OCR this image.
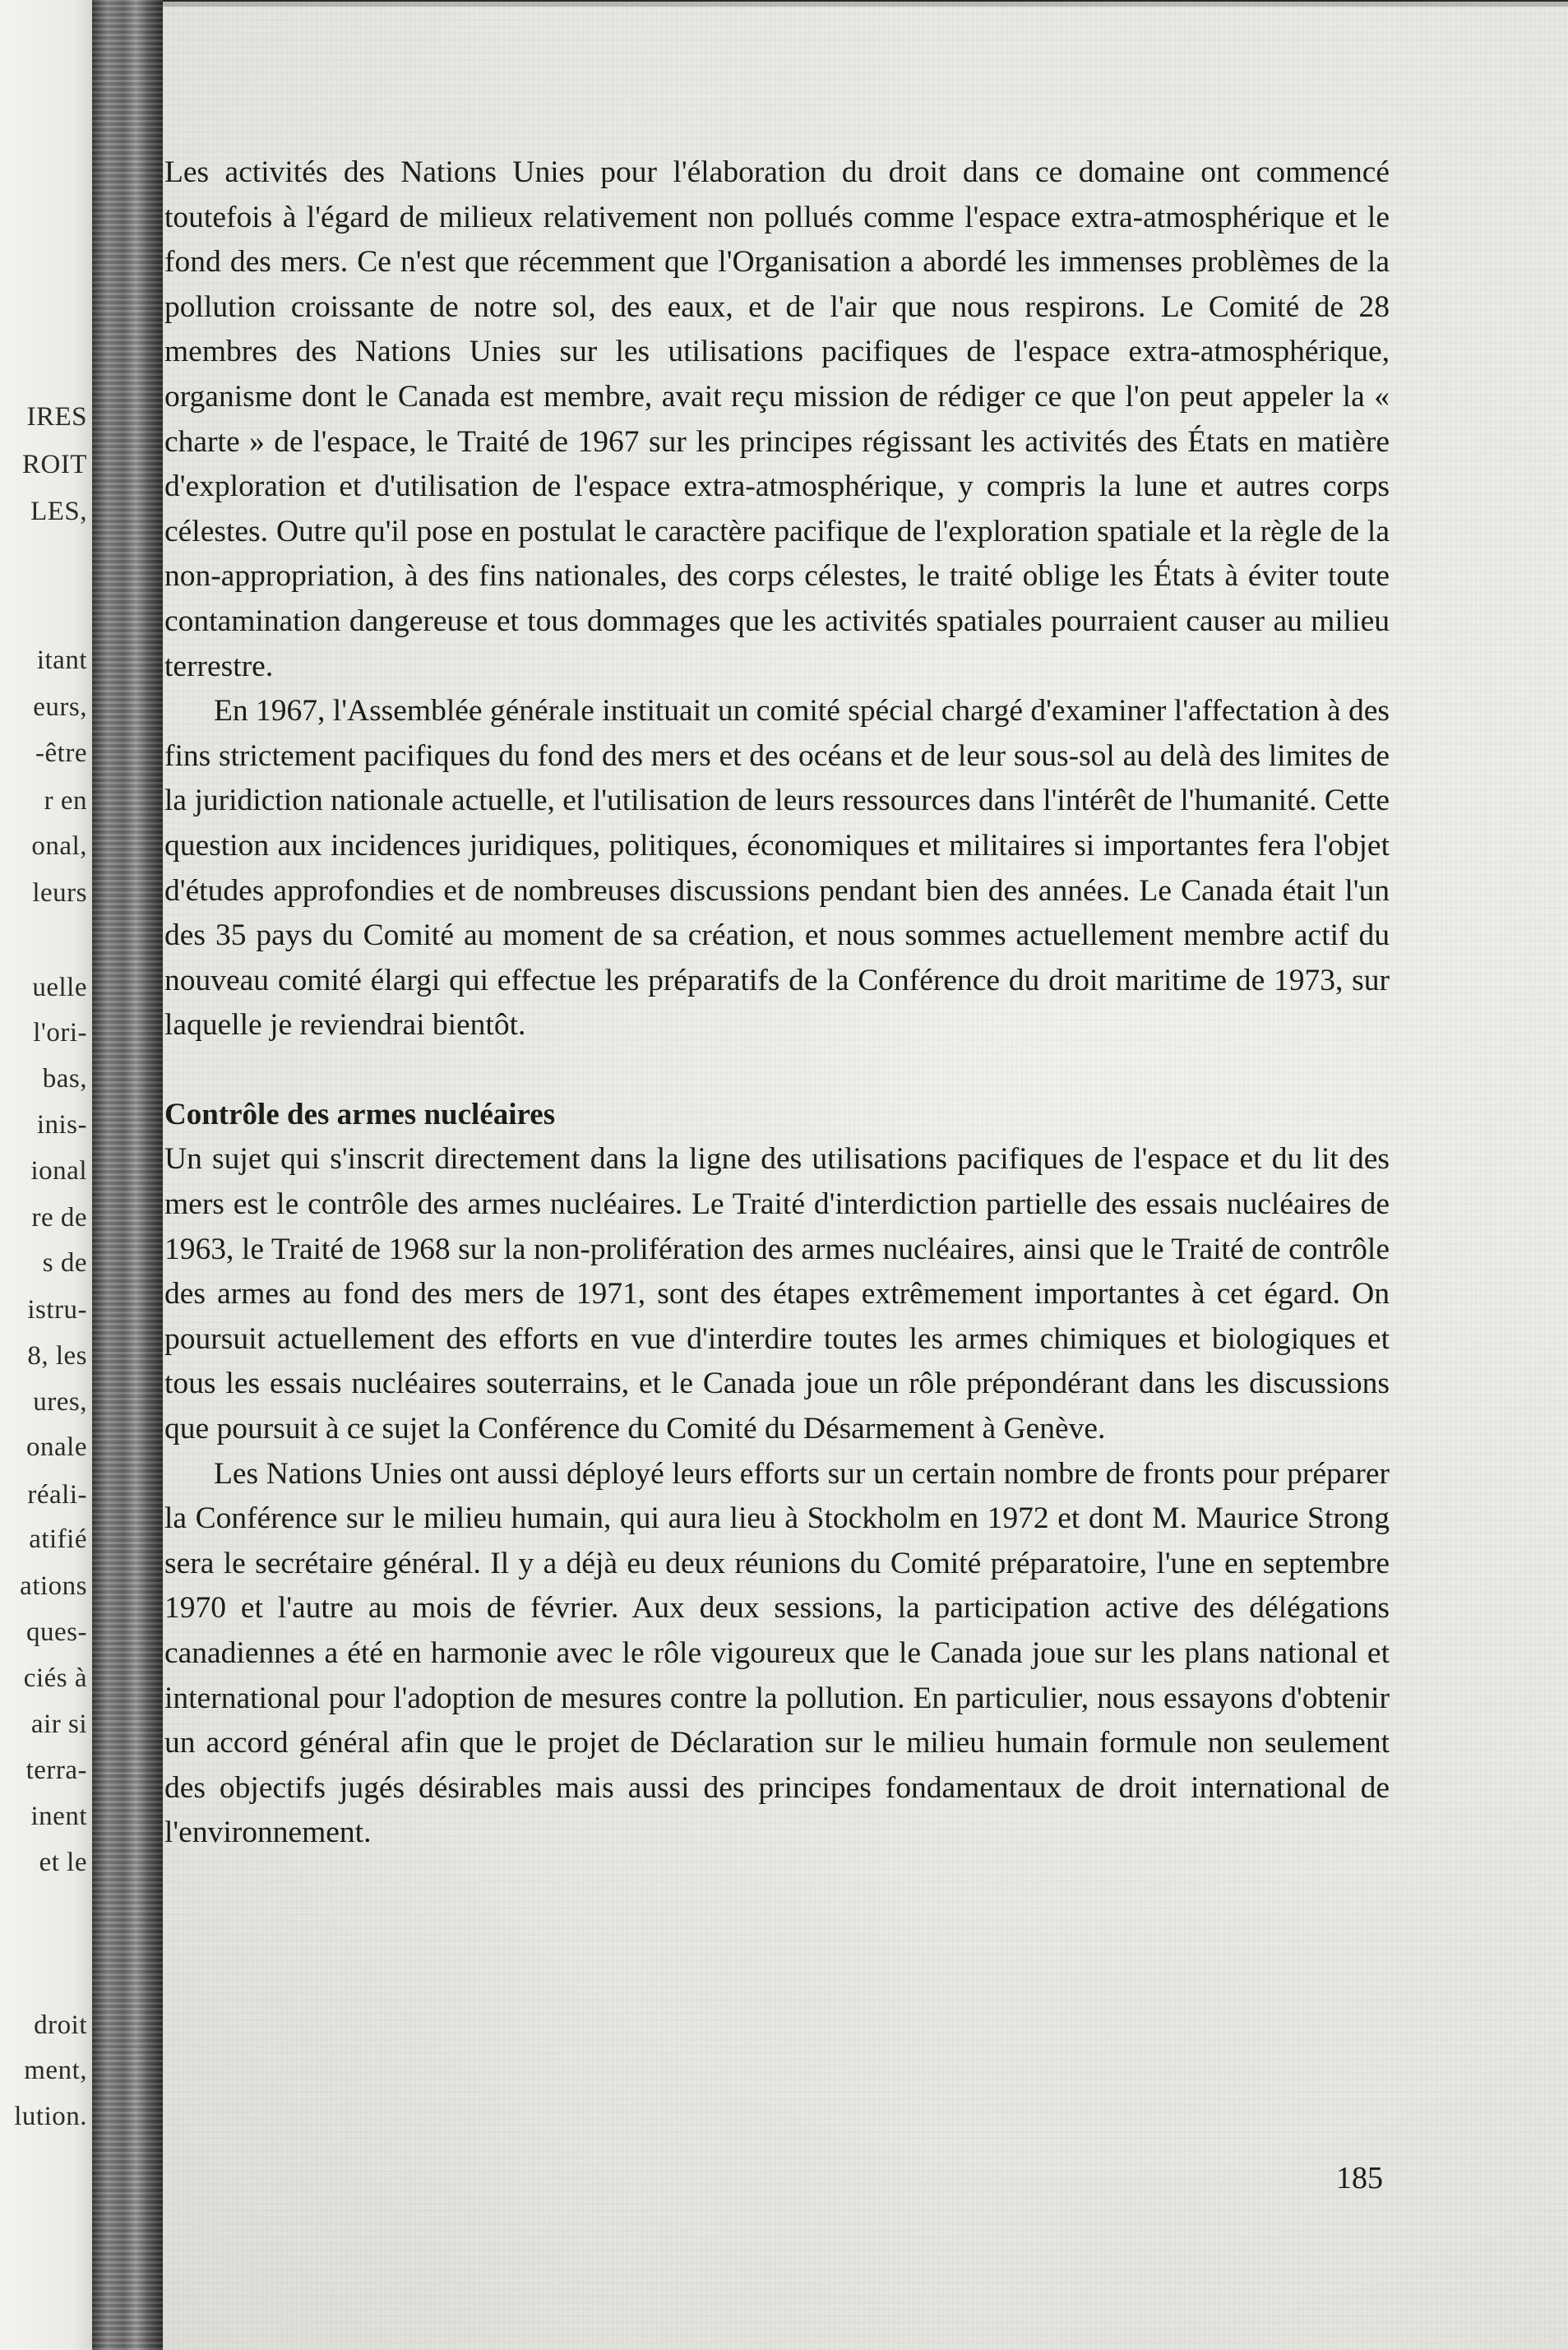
IRES

ROIT

LES,

itant

eurs,

-être

r en

onal,

leurs

uelle

l'ori-

bas,

inis-

ional

re de

s de

istru-

8, les

ures,

onale

réali-

atifié

ations

ques-

ciés à

air si

terra-

inent

et le

droit

ment,

lution.

Les activités des Nations Unies pour l'élaboration du droit dans ce domaine ont commencé toutefois à l'égard de milieux relativement non pollués comme l'espace extra-atmosphérique et le fond des mers. Ce n'est que récemment que l'Organisation a abordé les immenses problèmes de la pollution croissante de notre sol, des eaux, et de l'air que nous respirons. Le Comité de 28 membres des Nations Unies sur les utilisations pacifiques de l'espace extra-atmosphérique, organisme dont le Canada est membre, avait reçu mission de rédiger ce que l'on peut appeler la « charte » de l'espace, le Traité de 1967 sur les principes régissant les activités des États en matière d'exploration et d'utilisation de l'espace extra-atmosphérique, y compris la lune et autres corps célestes. Outre qu'il pose en postulat le caractère pacifique de l'exploration spatiale et la règle de la non-appropriation, à des fins nationales, des corps célestes, le traité oblige les États à éviter toute contamination dangereuse et tous dommages que les activités spatiales pourraient causer au milieu terrestre.

En 1967, l'Assemblée générale instituait un comité spécial chargé d'examiner l'affectation à des fins strictement pacifiques du fond des mers et des océans et de leur sous-sol au delà des limites de la juridiction nationale actuelle, et l'utilisation de leurs ressources dans l'intérêt de l'humanité. Cette question aux incidences juridiques, politiques, économiques et militaires si importantes fera l'objet d'études approfondies et de nombreuses discussions pendant bien des années. Le Canada était l'un des 35 pays du Comité au moment de sa création, et nous sommes actuellement membre actif du nouveau comité élargi qui effectue les préparatifs de la Conférence du droit maritime de 1973, sur laquelle je reviendrai bientôt.

Contrôle des armes nucléaires

Un sujet qui s'inscrit directement dans la ligne des utilisations pacifiques de l'espace et du lit des mers est le contrôle des armes nucléaires. Le Traité d'interdiction partielle des essais nucléaires de 1963, le Traité de 1968 sur la non-prolifération des armes nucléaires, ainsi que le Traité de contrôle des armes au fond des mers de 1971, sont des étapes extrêmement importantes à cet égard. On poursuit actuellement des efforts en vue d'interdire toutes les armes chimiques et biologiques et tous les essais nucléaires souterrains, et le Canada joue un rôle prépondérant dans les discussions que poursuit à ce sujet la Conférence du Comité du Désarmement à Genève.

Les Nations Unies ont aussi déployé leurs efforts sur un certain nombre de fronts pour préparer la Conférence sur le milieu humain, qui aura lieu à Stockholm en 1972 et dont M. Maurice Strong sera le secrétaire général. Il y a déjà eu deux réunions du Comité préparatoire, l'une en septembre 1970 et l'autre au mois de février. Aux deux sessions, la participation active des délégations canadiennes a été en harmonie avec le rôle vigoureux que le Canada joue sur les plans national et international pour l'adoption de mesures contre la pollution. En particulier, nous essayons d'obtenir un accord général afin que le projet de Déclaration sur le milieu humain formule non seulement des objectifs jugés désirables mais aussi des principes fondamentaux de droit international de l'environnement.

185
